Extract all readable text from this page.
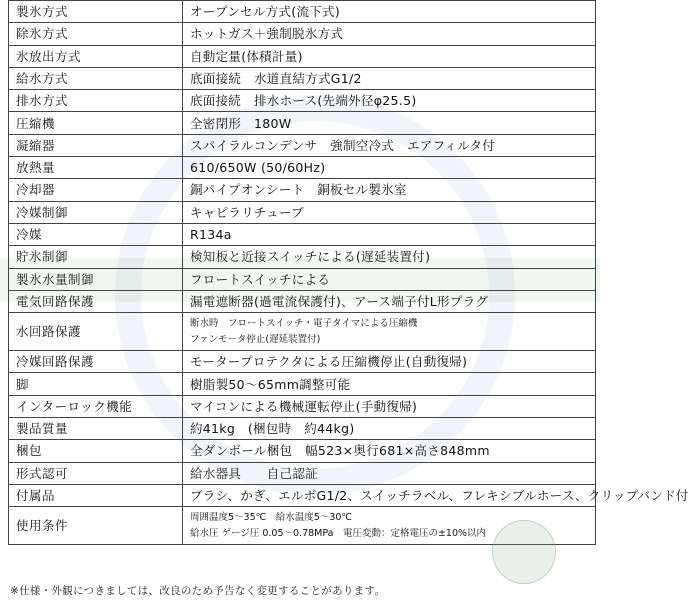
製氷方式	オープンセル方式(流下式)
除氷方式	ホットガス＋強制脱氷方式
氷放出方式	自動定量(体積計量)
給水方式	底面接続　水道直結方式G1/2
排水方式	底面接続　排水ホース(先端外径φ25.5)
圧縮機	全密閉形　180W
凝縮器	スパイラルコンデンサ　強制空冷式　エアフィルタ付
放熱量	610/650W (50/60Hz)
冷却器	銅パイプオンシート　銅板セル製氷室
冷媒制御	キャピラリチューブ
冷媒	R134a
貯氷制御	検知板と近接スイッチによる(遅延装置付)
製氷水量制御	フロートスイッチによる
電気回路保護	漏電遮断器(過電流保護付)、アース端子付L形プラグ
水回路保護	断水時　フロートスイッチ・電子タイマによる圧縮機
ファンモータ停止(遅延装置付)

冷媒回路保護	モータープロテクタによる圧縮機停止(自動復帰)
脚	樹脂製50～65mm調整可能
インターロック機能	マイコンによる機械運転停止(手動復帰)
製品質量	約41kg　(梱包時　約44kg)
梱包	全ダンボール梱包　幅523×奥行681×高さ848mm
形式認可	給水器具　　自己認証
付属品	ブラシ、かぎ、エルボG1/2、スイッチラベル、フレキシブルホース、クリップバンド付
使用条件	周囲温度5～35℃　給水温度5～30℃
給水圧 ゲージ圧 0.05～0.78MPa　電圧変動：定格電圧の±10%以内
※仕様・外観につきましては、改良のため予告なく変更することがあります。
